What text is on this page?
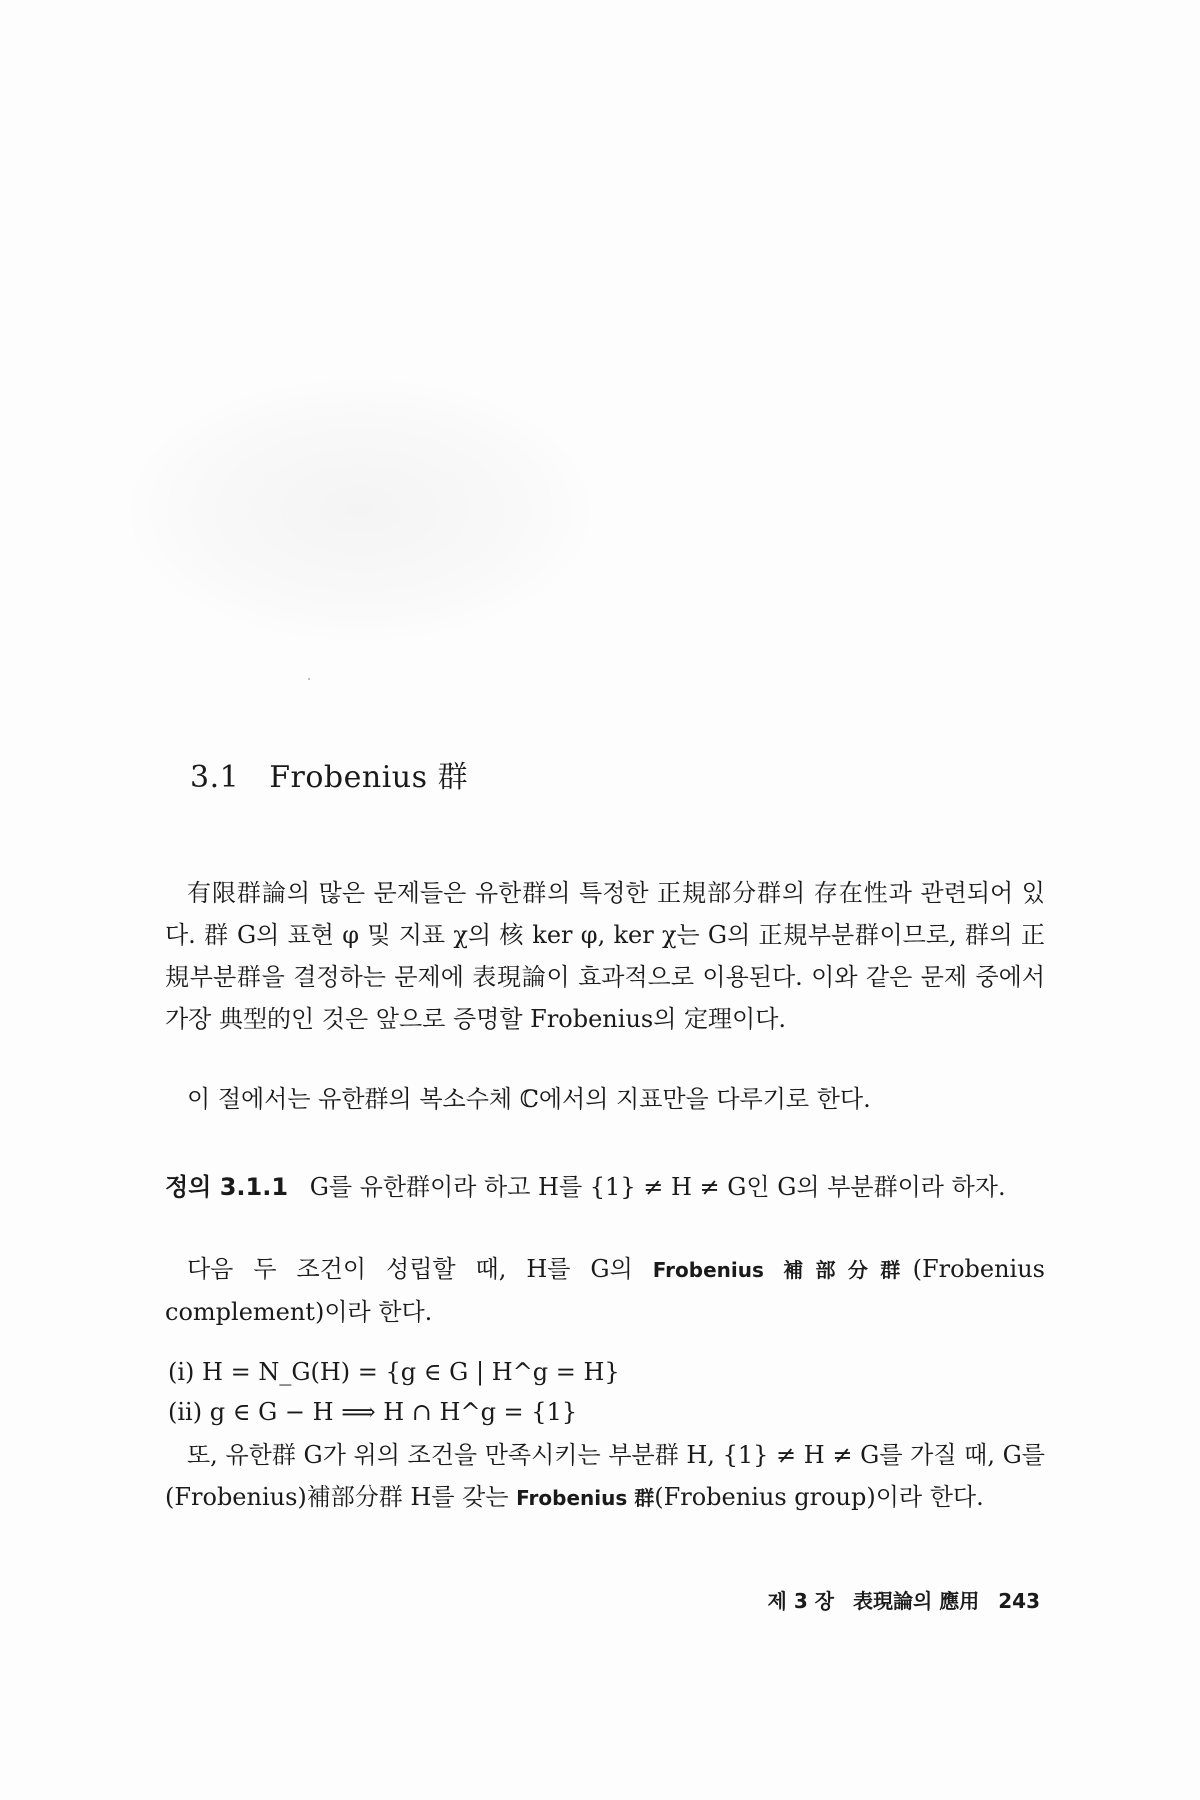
3.1 Frobenius 群

有限群論의 많은 문제들은 유한群의 특정한 正規部分群의 存在性과 관련되어 있다. 群 G의 표현 φ 및 지표 χ의 核 ker φ, ker χ는 G의 正規부분群이므로, 群의 正規부분群을 결정하는 문제에 表現論이 효과적으로 이용된다. 이와 같은 문제 중에서 가장 典型的인 것은 앞으로 증명할 Frobenius의 定理이다.

이 절에서는 유한群의 복소수체 ℂ에서의 지표만을 다루기로 한다.

정의 3.1.1 G를 유한群이라 하고 H를 {1} ≠ H ≠ G인 G의 부분群이라 하자.

다음 두 조건이 성립할 때, H를 G의 Frobenius 補部分群(Frobenius complement)이라 한다.

(i) H = N_G(H) = {g ∈ G | H^g = H}
(ii) g ∈ G − H ⟹ H ∩ H^g = {1}

또, 유한群 G가 위의 조건을 만족시키는 부분群 H, {1} ≠ H ≠ G를 가질 때, G를 (Frobenius)補部分群 H를 갖는 Frobenius 群(Frobenius group)이라 한다.

제 3 장 表現論의 應用 243
